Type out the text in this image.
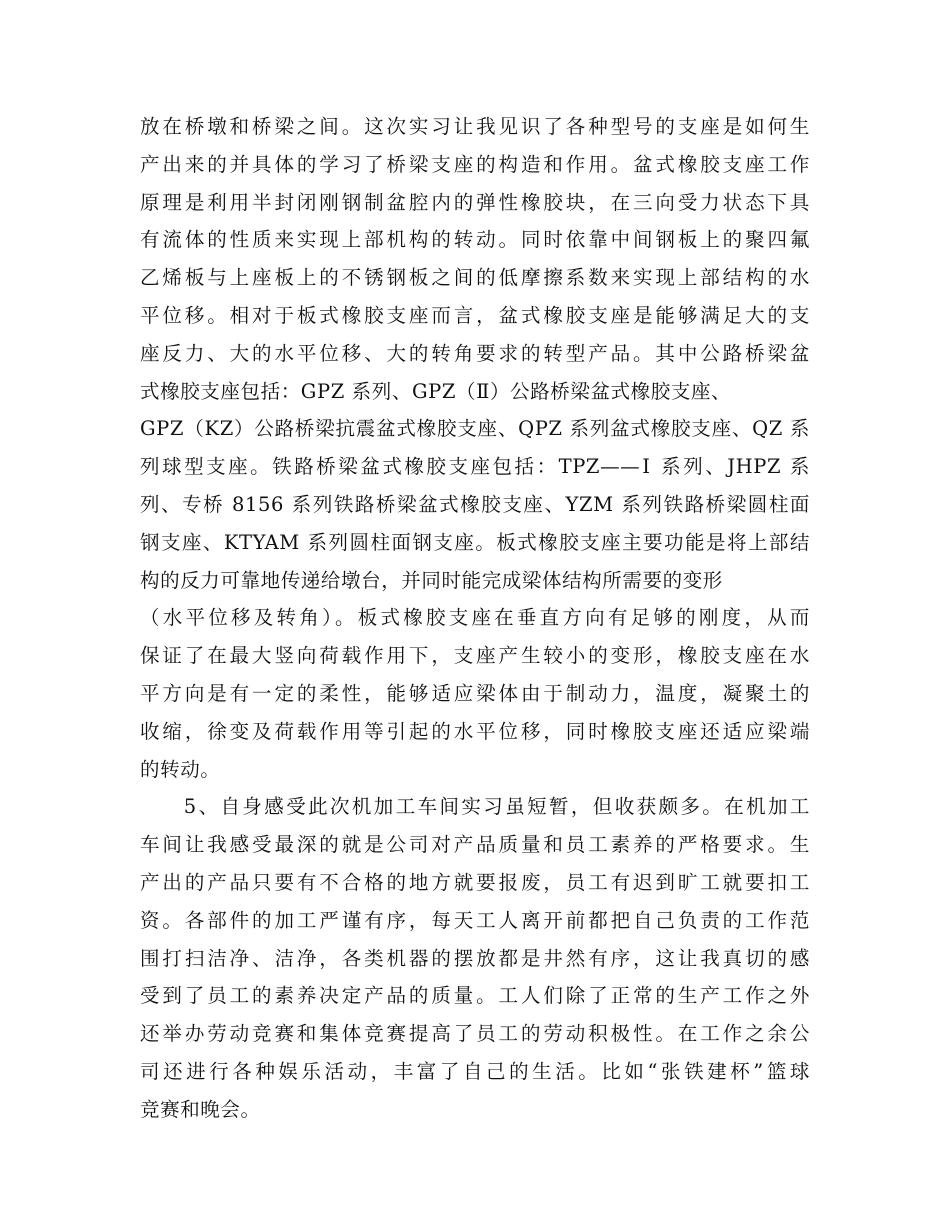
放在桥墩和桥梁之间。这次实习让我见识了各种型号的支座是如何生
产出来的并具体的学习了桥梁支座的构造和作用。盆式橡胶支座工作
原理是利用半封闭刚钢制盆腔内的弹性橡胶块，在三向受力状态下具
有流体的性质来实现上部机构的转动。同时依靠中间钢板上的聚四氟
乙烯板与上座板上的不锈钢板之间的低摩擦系数来实现上部结构的水
平位移。相对于板式橡胶支座而言，盆式橡胶支座是能够满足大的支
座反力、大的水平位移、大的转角要求的转型产品。其中公路桥梁盆
式橡胶支座包括：GPZ 系列、GPZ（Ⅱ）公路桥梁盆式橡胶支座、
GPZ（KZ）公路桥梁抗震盆式橡胶支座、QPZ 系列盆式橡胶支座、QZ 系
列球型支座。铁路桥梁盆式橡胶支座包括：TPZ——Ⅰ 系列、JHPZ 系
列、专桥 8156 系列铁路桥梁盆式橡胶支座、YZM 系列铁路桥梁圆柱面
钢支座、KTYAM 系列圆柱面钢支座。板式橡胶支座主要功能是将上部结
构的反力可靠地传递给墩台，并同时能完成梁体结构所需要的变形
（水平位移及转角）。板式橡胶支座在垂直方向有足够的刚度，从而
保证了在最大竖向荷载作用下，支座产生较小的变形，橡胶支座在水
平方向是有一定的柔性，能够适应梁体由于制动力，温度，凝聚土的
收缩，徐变及荷载作用等引起的水平位移，同时橡胶支座还适应梁端
的转动。
　　5、自身感受此次机加工车间实习虽短暂，但收获颇多。在机加工
车间让我感受最深的就是公司对产品质量和员工素养的严格要求。生
产出的产品只要有不合格的地方就要报废，员工有迟到旷工就要扣工
资。各部件的加工严谨有序，每天工人离开前都把自己负责的工作范
围打扫洁净、洁净，各类机器的摆放都是井然有序，这让我真切的感
受到了员工的素养决定产品的质量。工人们除了正常的生产工作之外
还举办劳动竞赛和集体竞赛提高了员工的劳动积极性。在工作之余公
司还进行各种娱乐活动，丰富了自己的生活。比如“张铁建杯”篮球
竞赛和晚会。
